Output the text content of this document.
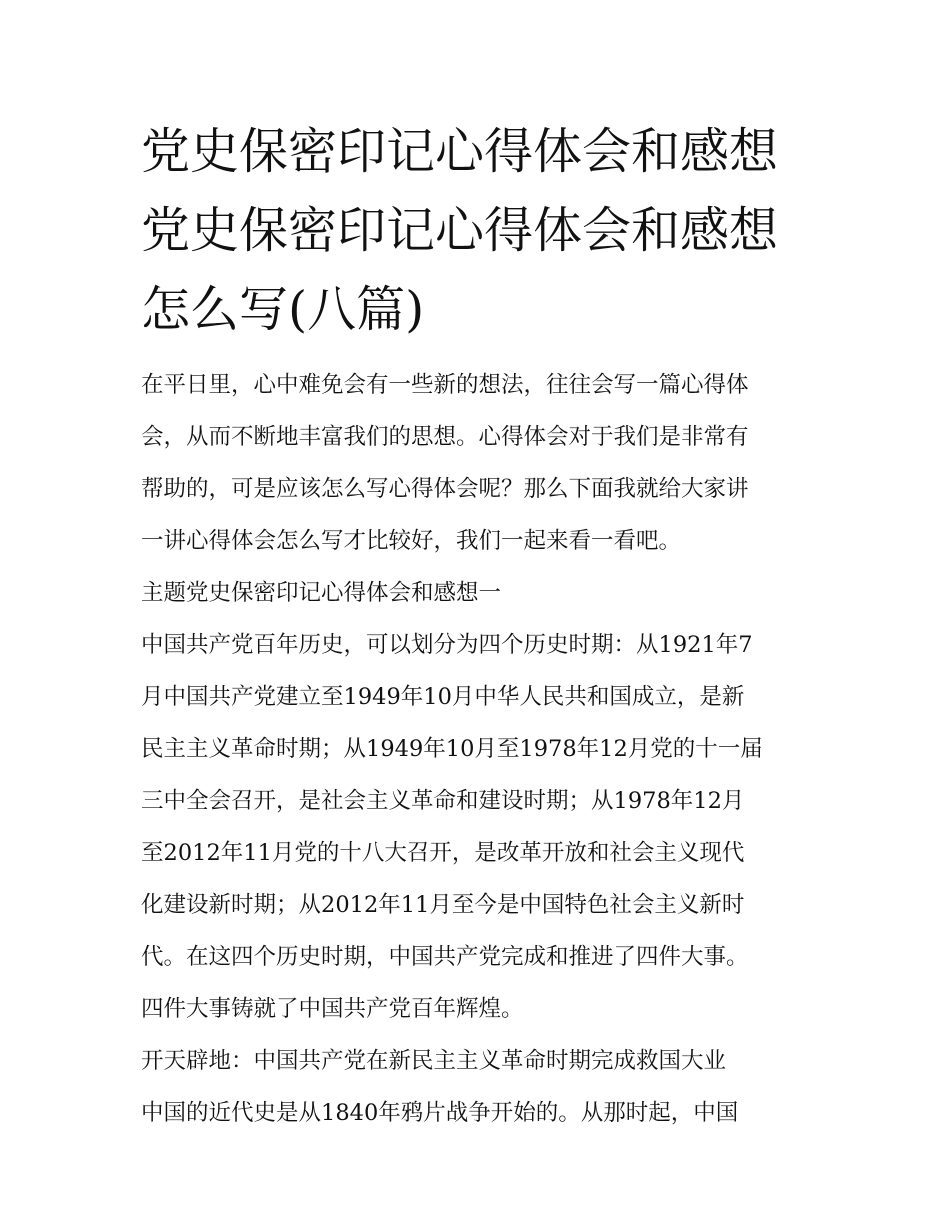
党史保密印记心得体会和感想
党史保密印记心得体会和感想
怎么写(八篇)

在平日里，心中难免会有一些新的想法，往往会写一篇心得体
会，从而不断地丰富我们的思想。心得体会对于我们是非常有
帮助的，可是应该怎么写心得体会呢？那么下面我就给大家讲
一讲心得体会怎么写才比较好，我们一起来看一看吧。

主题党史保密印记心得体会和感想一

中国共产党百年历史，可以划分为四个历史时期：从1921年7
月中国共产党建立至1949年10月中华人民共和国成立，是新
民主主义革命时期；从1949年10月至1978年12月党的十一届
三中全会召开，是社会主义革命和建设时期；从1978年12月
至2012年11月党的十八大召开，是改革开放和社会主义现代
化建设新时期；从2012年11月至今是中国特色社会主义新时
代。在这四个历史时期，中国共产党完成和推进了四件大事。
四件大事铸就了中国共产党百年辉煌。

开天辟地：中国共产党在新民主主义革命时期完成救国大业

中国的近代史是从1840年鸦片战争开始的。从那时起，中国
